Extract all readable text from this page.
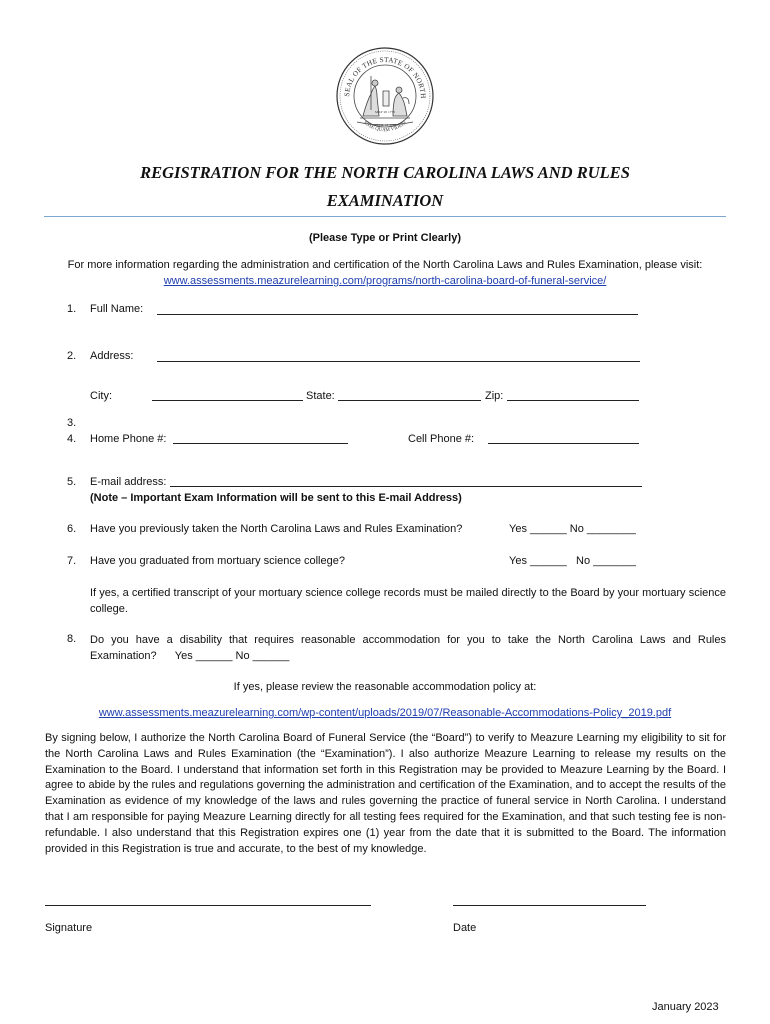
SEAL OF THE STATE OF NORTH
MAY 20 1775
APRIL 12 1776
ESSE QUAM VIDERI
REGISTRATION FOR THE NORTH CAROLINA LAWS AND RULES
EXAMINATION
(Please Type or Print Clearly)
For more information regarding the administration and certification of the North Carolina Laws and Rules Examination, please visit:
www.assessments.meazurelearning.com/programs/north-carolina-board-of-funeral-service/
1. Full Name:
2. Address:
City:	State:	Zip:
3.
4. Home Phone #:	Cell Phone #:
5. E-mail address:
(Note – Important Exam Information will be sent to this E-mail Address)
6. Have you previously taken the North Carolina Laws and Rules Examination?	Yes ______ No ________
7. Have you graduated from mortuary science college?	Yes ______ No _______
If yes, a certified transcript of your mortuary science college records must be mailed directly to the Board by your mortuary science college.
8. Do you have a disability that requires reasonable accommodation for you to take the North Carolina Laws and Rules
Examination?      Yes ______ No ______
If yes, please review the reasonable accommodation policy at:
www.assessments.meazurelearning.com/wp-content/uploads/2019/07/Reasonable-Accommodations-Policy_2019.pdf
By signing below, I authorize the North Carolina Board of Funeral Service (the “Board”) to verify to Meazure Learning my eligibility to sit for the North Carolina Laws and Rules Examination (the “Examination”). I also authorize Meazure Learning to release my results on the Examination to the Board. I understand that information set forth in this Registration may be provided to Meazure Learning by the Board. I agree to abide by the rules and regulations governing the administration and certification of the Examination, and to accept the results of the Examination as evidence of my knowledge of the laws and rules governing the practice of funeral service in North Carolina. I understand that I am responsible for paying Meazure Learning directly for all testing fees required for the Examination, and that such testing fee is non-refundable. I also understand that this Registration expires one (1) year from the date that it is submitted to the Board. The information provided in this Registration is true and accurate, to the best of my knowledge.
Signature	Date
January 2023
